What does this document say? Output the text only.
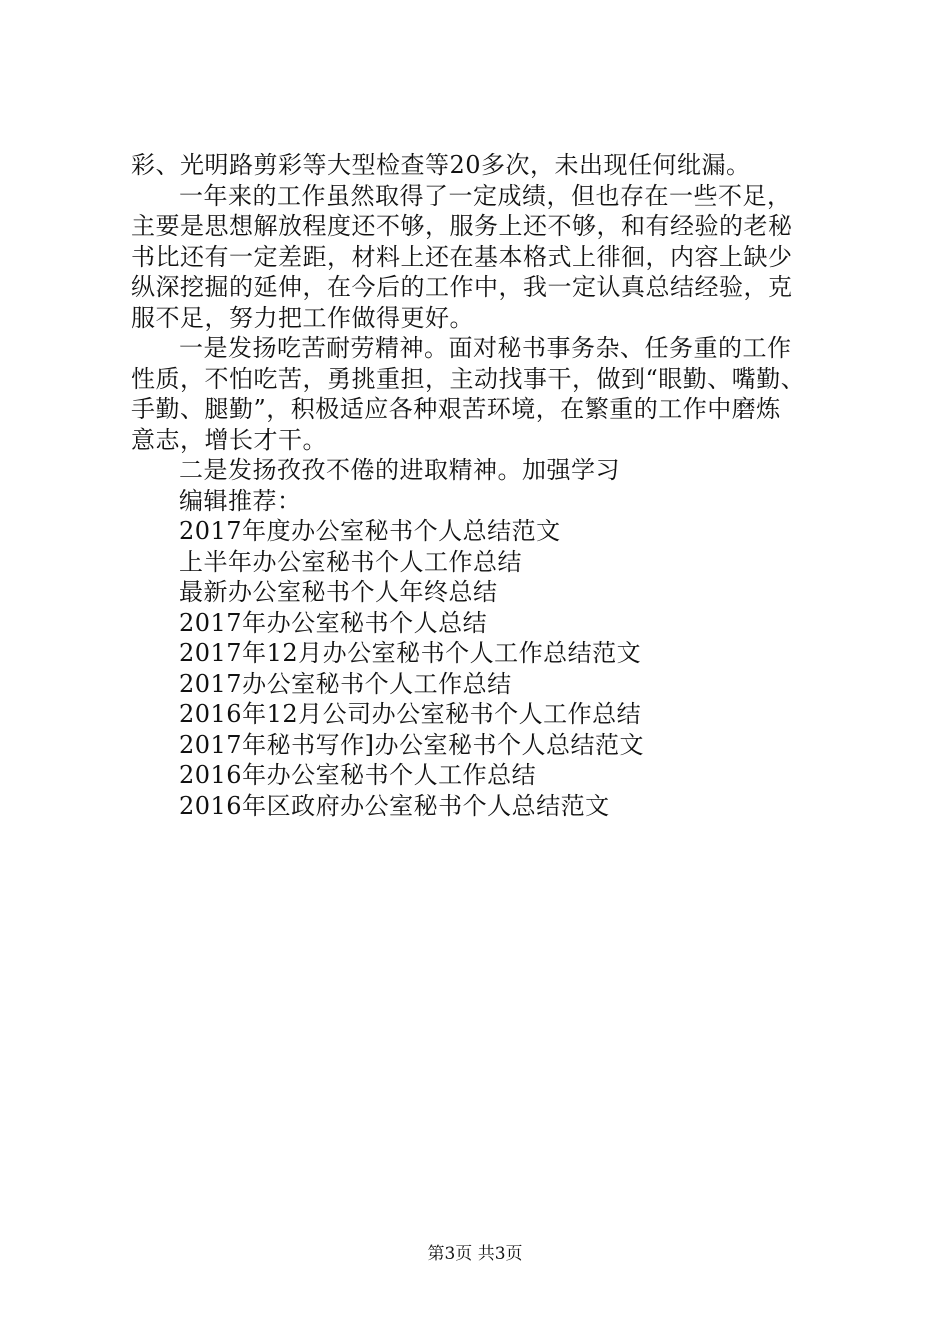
彩、光明路剪彩等大型检查等20多次，未出现任何纰漏。
一年来的工作虽然取得了一定成绩，但也存在一些不足，
主要是思想解放程度还不够，服务上还不够，和有经验的老秘
书比还有一定差距，材料上还在基本格式上徘徊，内容上缺少
纵深挖掘的延伸，在今后的工作中，我一定认真总结经验，克
服不足，努力把工作做得更好。
一是发扬吃苦耐劳精神。面对秘书事务杂、任务重的工作
性质，不怕吃苦，勇挑重担，主动找事干，做到“眼勤、嘴勤、
手勤、腿勤”，积极适应各种艰苦环境，在繁重的工作中磨炼
意志，增长才干。
二是发扬孜孜不倦的进取精神。加强学习
编辑推荐：
2017年度办公室秘书个人总结范文
上半年办公室秘书个人工作总结
最新办公室秘书个人年终总结
2017年办公室秘书个人总结
2017年12月办公室秘书个人工作总结范文
2017办公室秘书个人工作总结
2016年12月公司办公室秘书个人工作总结
2017年秘书写作]办公室秘书个人总结范文
2016年办公室秘书个人工作总结
2016年区政府办公室秘书个人总结范文
第3页 共3页
